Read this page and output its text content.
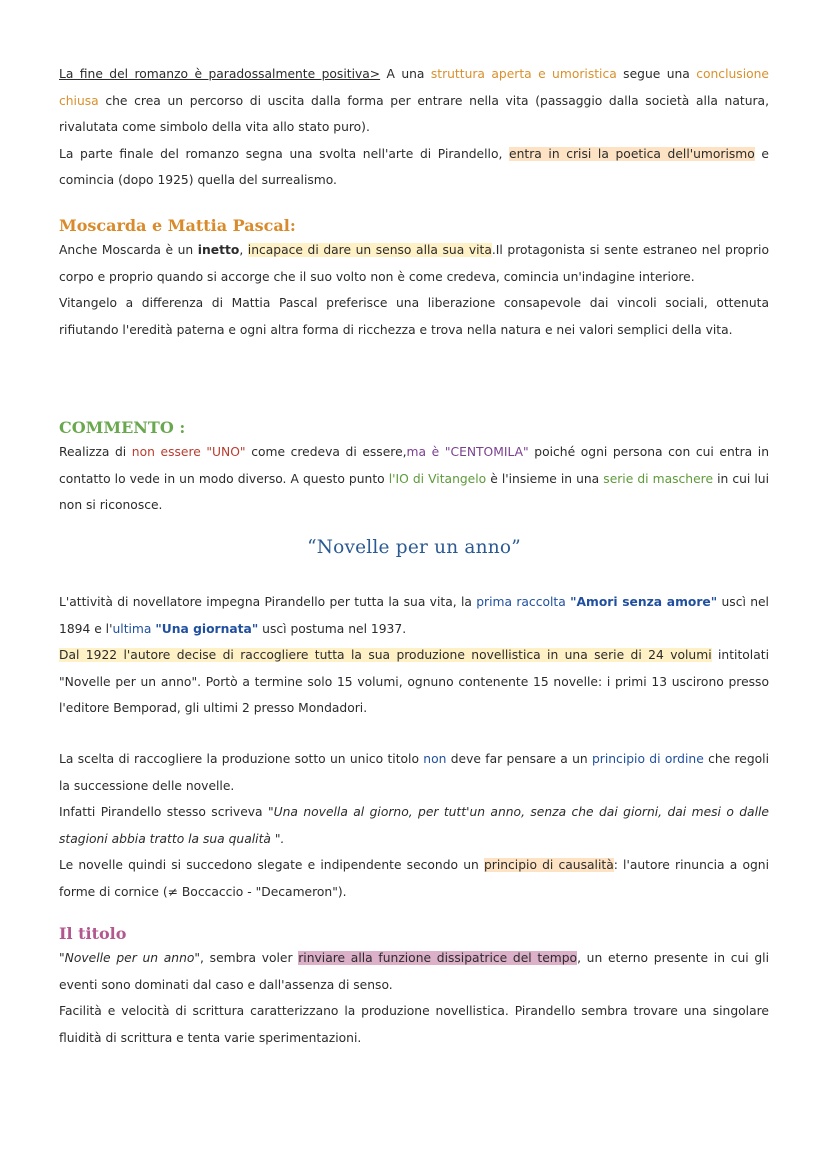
La fine del romanzo è paradossalmente positiva> A una struttura aperta e umoristica segue una conclusione chiusa che crea un percorso di uscita dalla forma per entrare nella vita (passaggio dalla società alla natura, rivalutata come simbolo della vita allo stato puro).

La parte finale del romanzo segna una svolta nell'arte di Pirandello, entra in crisi la poetica dell'umorismo e comincia (dopo 1925) quella del surrealismo.

Moscarda e Mattia Pascal:

Anche Moscarda è un inetto, incapace di dare un senso alla sua vita.Il protagonista si sente estraneo nel proprio corpo e proprio quando si accorge che il suo volto non è come credeva, comincia un'indagine interiore.

Vitangelo a differenza di Mattia Pascal preferisce una liberazione consapevole dai vincoli sociali, ottenuta rifiutando l'eredità paterna e ogni altra forma di ricchezza e trova nella natura e nei valori semplici della vita.

COMMENTO :

Realizza di non essere "UNO" come credeva di essere,ma è "CENTOMILA" poiché ogni persona con cui entra in contatto lo vede in un modo diverso. A questo punto l'IO di Vitangelo è l'insieme in una serie di maschere in cui lui non si riconosce.

“Novelle per un anno”

L'attività di novellatore impegna Pirandello per tutta la sua vita, la prima raccolta "Amori senza amore" uscì nel 1894 e l'ultima "Una giornata" uscì postuma nel 1937.

Dal 1922 l'autore decise di raccogliere tutta la sua produzione novellistica in una serie di 24 volumi intitolati "Novelle per un anno". Portò a termine solo 15 volumi, ognuno contenente 15 novelle: i primi 13 uscirono presso l'editore Bemporad, gli ultimi 2 presso Mondadori.

La scelta di raccogliere la produzione sotto un unico titolo non deve far pensare a un principio di ordine che regoli la successione delle novelle.

Infatti Pirandello stesso scriveva "Una novella al giorno, per tutt'un anno, senza che dai giorni, dai mesi o dalle stagioni abbia tratto la sua qualità ".

Le novelle quindi si succedono slegate e indipendente secondo un principio di causalità: l'autore rinuncia a ogni forme di cornice (≠ Boccaccio - "Decameron").

Il titolo

"Novelle per un anno", sembra voler rinviare alla funzione dissipatrice del tempo, un eterno presente in cui gli eventi sono dominati dal caso e dall'assenza di senso.

Facilità e velocità di scrittura caratterizzano la produzione novellistica. Pirandello sembra trovare una singolare fluidità di scrittura e tenta varie sperimentazioni.
